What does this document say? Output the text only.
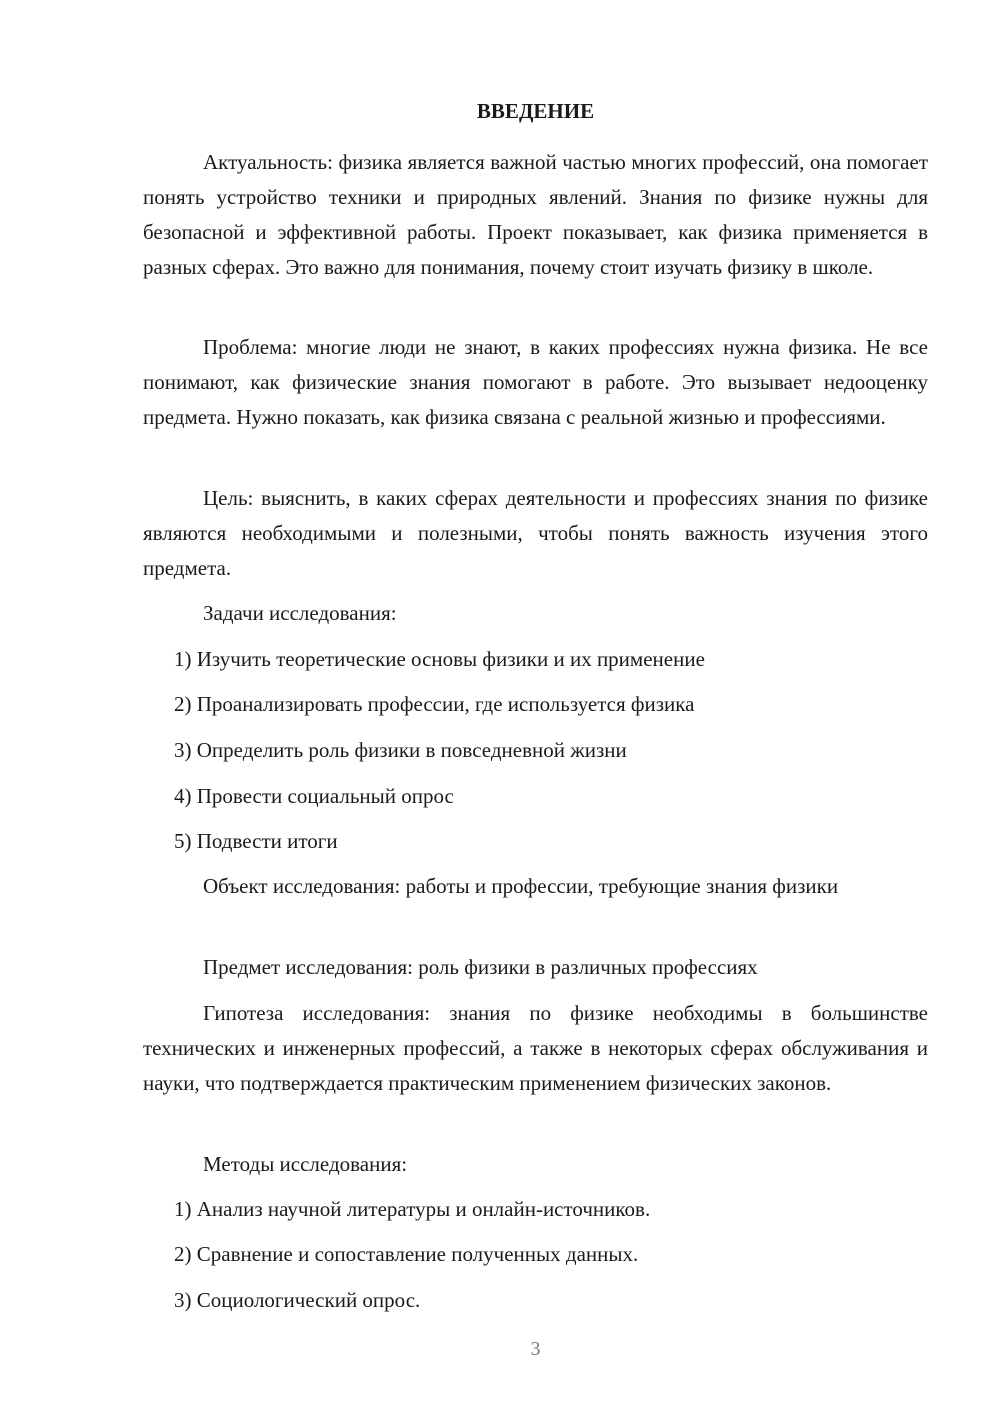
ВВЕДЕНИЕ

Актуальность: физика является важной частью многих профессий, она помогает понять устройство техники и природных явлений. Знания по физике нужны для безопасной и эффективной работы. Проект показывает, как физика применяется в разных сферах. Это важно для понимания, почему стоит изучать физику в школе.

Проблема: многие люди не знают, в каких профессиях нужна физика. Не все понимают, как физические знания помогают в работе. Это вызывает недооценку предмета. Нужно показать, как физика связана с реальной жизнью и профессиями.

Цель: выяснить, в каких сферах деятельности и профессиях знания по физике являются необходимыми и полезными, чтобы понять важность изучения этого предмета.

Задачи исследования:

1) Изучить теоретические основы физики и их применение

2) Проанализировать профессии, где используется физика

3) Определить роль физики в повседневной жизни

4) Провести социальный опрос

5) Подвести итоги

Объект исследования: работы и профессии, требующие знания физики

Предмет исследования: роль физики в различных профессиях

Гипотеза исследования: знания по физике необходимы в большинстве технических и инженерных профессий, а также в некоторых сферах обслуживания и науки, что подтверждается практическим применением физических законов.

Методы исследования:

1) Анализ научной литературы и онлайн-источников.

2) Сравнение и сопоставление полученных данных.

3) Социологический опрос.

3
